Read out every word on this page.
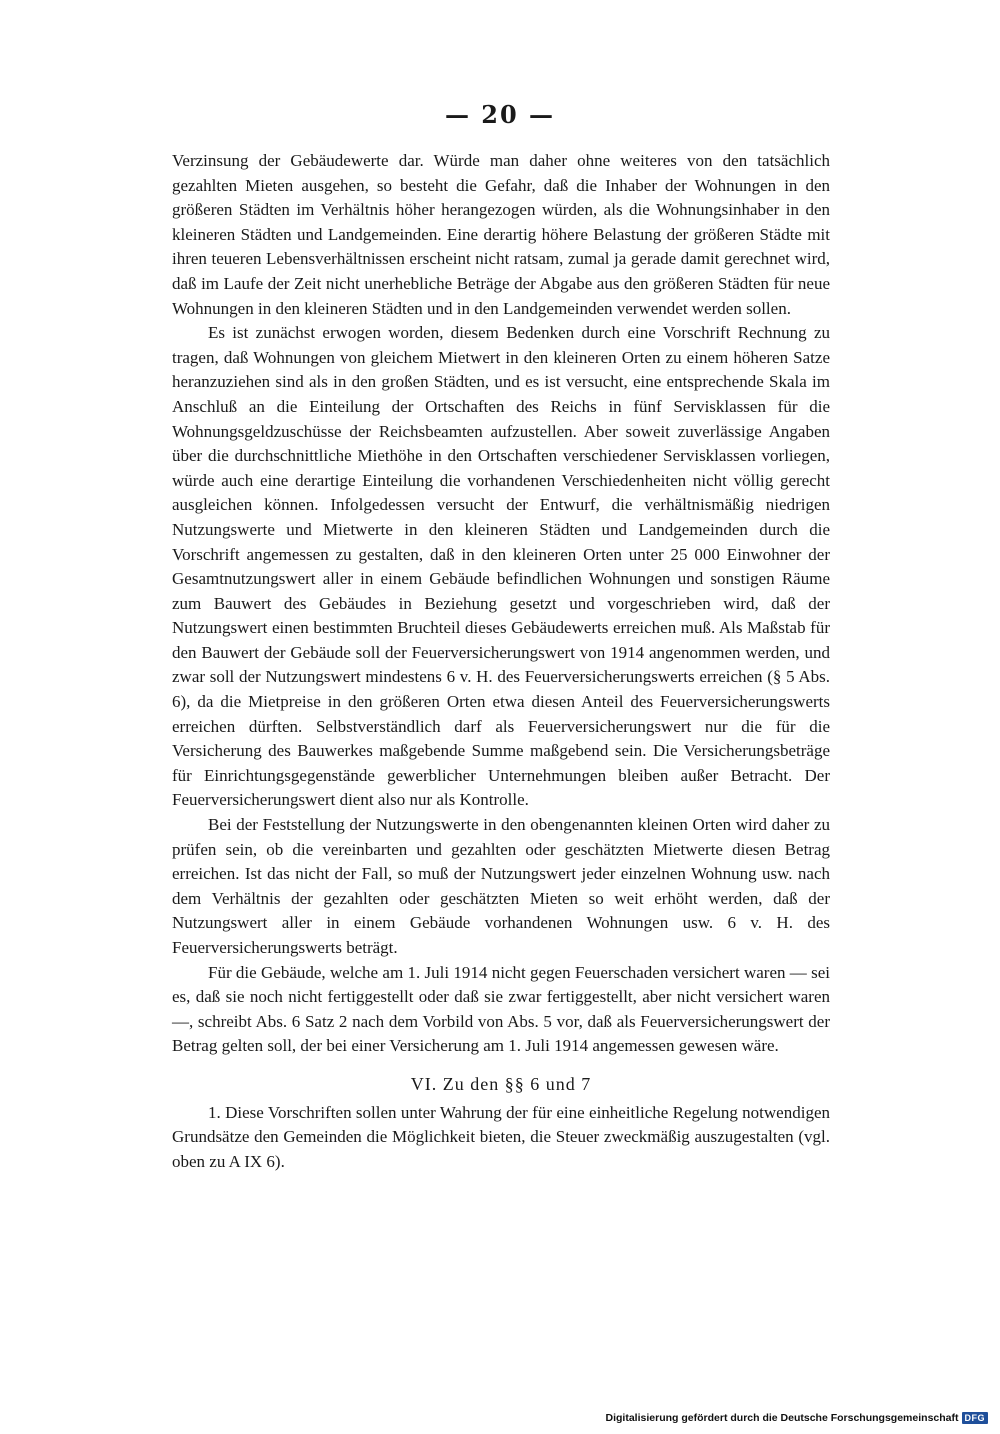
— 20 —

Verzinsung der Gebäudewerte dar. Würde man daher ohne weiteres von den tatsächlich gezahlten Mieten ausgehen, so besteht die Gefahr, daß die Inhaber der Wohnungen in den größeren Städten im Verhältnis höher herangezogen würden, als die Wohnungsinhaber in den kleineren Städten und Landgemeinden. Eine derartig höhere Belastung der größeren Städte mit ihren teueren Lebensverhältnissen erscheint nicht ratsam, zumal ja gerade damit gerechnet wird, daß im Laufe der Zeit nicht unerhebliche Beträge der Abgabe aus den größeren Städten für neue Wohnungen in den kleineren Städten und in den Landgemeinden verwendet werden sollen.

Es ist zunächst erwogen worden, diesem Bedenken durch eine Vorschrift Rechnung zu tragen, daß Wohnungen von gleichem Mietwert in den kleineren Orten zu einem höheren Satze heranzuziehen sind als in den großen Städten, und es ist versucht, eine entsprechende Skala im Anschluß an die Einteilung der Ortschaften des Reichs in fünf Servisklassen für die Wohnungsgeldzuschüsse der Reichsbeamten aufzustellen. Aber soweit zuverlässige Angaben über die durchschnittliche Miethöhe in den Ortschaften verschiedener Servisklassen vorliegen, würde auch eine derartige Einteilung die vorhandenen Verschiedenheiten nicht völlig gerecht ausgleichen können. Infolgedessen versucht der Entwurf, die verhältnismäßig niedrigen Nutzungswerte und Mietwerte in den kleineren Städten und Landgemeinden durch die Vorschrift angemessen zu gestalten, daß in den kleineren Orten unter 25 000 Einwohner der Gesamtnutzungswert aller in einem Gebäude befindlichen Wohnungen und sonstigen Räume zum Bauwert des Gebäudes in Beziehung gesetzt und vorgeschrieben wird, daß der Nutzungswert einen bestimmten Bruchteil dieses Gebäudewerts erreichen muß. Als Maßstab für den Bauwert der Gebäude soll der Feuerversicherungswert von 1914 angenommen werden, und zwar soll der Nutzungswert mindestens 6 v. H. des Feuerversicherungswerts erreichen (§ 5 Abs. 6), da die Mietpreise in den größeren Orten etwa diesen Anteil des Feuerversicherungswerts erreichen dürften. Selbstverständlich darf als Feuerversicherungswert nur die für die Versicherung des Bauwerkes maßgebende Summe maßgebend sein. Die Versicherungsbeträge für Einrichtungsgegenstände gewerblicher Unternehmungen bleiben außer Betracht. Der Feuerversicherungswert dient also nur als Kontrolle.

Bei der Feststellung der Nutzungswerte in den obengenannten kleinen Orten wird daher zu prüfen sein, ob die vereinbarten und gezahlten oder geschätzten Mietwerte diesen Betrag erreichen. Ist das nicht der Fall, so muß der Nutzungswert jeder einzelnen Wohnung usw. nach dem Verhältnis der gezahlten oder geschätzten Mieten so weit erhöht werden, daß der Nutzungswert aller in einem Gebäude vorhandenen Wohnungen usw. 6 v. H. des Feuerversicherungswerts beträgt.

Für die Gebäude, welche am 1. Juli 1914 nicht gegen Feuerschaden versichert waren — sei es, daß sie noch nicht fertiggestellt oder daß sie zwar fertiggestellt, aber nicht versichert waren —, schreibt Abs. 6 Satz 2 nach dem Vorbild von Abs. 5 vor, daß als Feuerversicherungswert der Betrag gelten soll, der bei einer Versicherung am 1. Juli 1914 angemessen gewesen wäre.

VI. Zu den §§ 6 und 7

1. Diese Vorschriften sollen unter Wahrung der für eine einheitliche Regelung notwendigen Grundsätze den Gemeinden die Möglichkeit bieten, die Steuer zweckmäßig auszugestalten (vgl. oben zu A IX 6).

Digitalisierung gefördert durch die Deutsche Forschungsgemeinschaft DFG
